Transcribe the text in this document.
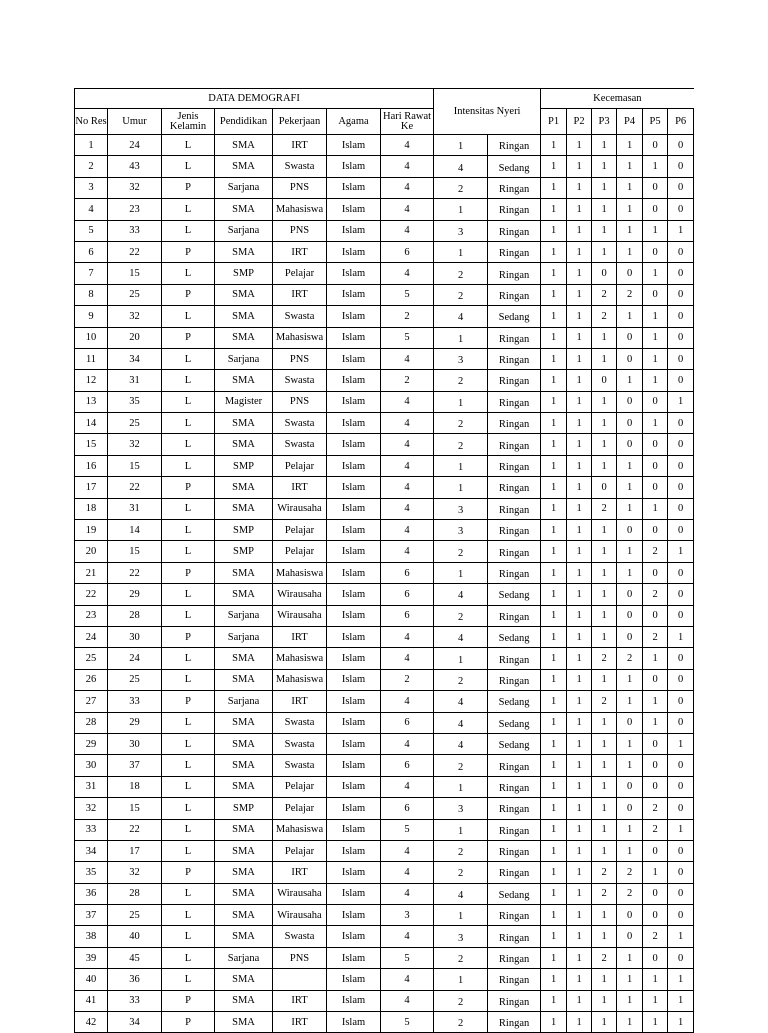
DATA DEMOGRAFI							Intensitas Nyeri		Kecemasan					
No Res	Umur	Jenis Kelamin	Pendidikan	Pekerjaan	Agama	Hari Rawat Ke			P1	P2	P3	P4	P5	P6
1	24	L	SMA	IRT	Islam	4	1	Ringan	1	1	1	1	0	0
2	43	L	SMA	Swasta	Islam	4	4	Sedang	1	1	1	1	1	0
3	32	P	Sarjana	PNS	Islam	4	2	Ringan	1	1	1	1	0	0
4	23	L	SMA	Mahasiswa	Islam	4	1	Ringan	1	1	1	1	0	0
5	33	L	Sarjana	PNS	Islam	4	3	Ringan	1	1	1	1	1	1
6	22	P	SMA	IRT	Islam	6	1	Ringan	1	1	1	1	0	0
7	15	L	SMP	Pelajar	Islam	4	2	Ringan	1	1	0	0	1	0
8	25	P	SMA	IRT	Islam	5	2	Ringan	1	1	2	2	0	0
9	32	L	SMA	Swasta	Islam	2	4	Sedang	1	1	2	1	1	0
10	20	P	SMA	Mahasiswa	Islam	5	1	Ringan	1	1	1	0	1	0
11	34	L	Sarjana	PNS	Islam	4	3	Ringan	1	1	1	0	1	0
12	31	L	SMA	Swasta	Islam	2	2	Ringan	1	1	0	1	1	0
13	35	L	Magister	PNS	Islam	4	1	Ringan	1	1	1	0	0	1
14	25	L	SMA	Swasta	Islam	4	2	Ringan	1	1	1	0	1	0
15	32	L	SMA	Swasta	Islam	4	2	Ringan	1	1	1	0	0	0
16	15	L	SMP	Pelajar	Islam	4	1	Ringan	1	1	1	1	0	0
17	22	P	SMA	IRT	Islam	4	1	Ringan	1	1	0	1	0	0
18	31	L	SMA	Wirausaha	Islam	4	3	Ringan	1	1	2	1	1	0
19	14	L	SMP	Pelajar	Islam	4	3	Ringan	1	1	1	0	0	0
20	15	L	SMP	Pelajar	Islam	4	2	Ringan	1	1	1	1	2	1
21	22	P	SMA	Mahasiswa	Islam	6	1	Ringan	1	1	1	1	0	0
22	29	L	SMA	Wirausaha	Islam	6	4	Sedang	1	1	1	0	2	0
23	28	L	Sarjana	Wirausaha	Islam	6	2	Ringan	1	1	1	0	0	0
24	30	P	Sarjana	IRT	Islam	4	4	Sedang	1	1	1	0	2	1
25	24	L	SMA	Mahasiswa	Islam	4	1	Ringan	1	1	2	2	1	0
26	25	L	SMA	Mahasiswa	Islam	2	2	Ringan	1	1	1	1	0	0
27	33	P	Sarjana	IRT	Islam	4	4	Sedang	1	1	2	1	1	0
28	29	L	SMA	Swasta	Islam	6	4	Sedang	1	1	1	0	1	0
29	30	L	SMA	Swasta	Islam	4	4	Sedang	1	1	1	1	0	1
30	37	L	SMA	Swasta	Islam	6	2	Ringan	1	1	1	1	0	0
31	18	L	SMA	Pelajar	Islam	4	1	Ringan	1	1	1	0	0	0
32	15	L	SMP	Pelajar	Islam	6	3	Ringan	1	1	1	0	2	0
33	22	L	SMA	Mahasiswa	Islam	5	1	Ringan	1	1	1	1	2	1
34	17	L	SMA	Pelajar	Islam	4	2	Ringan	1	1	1	1	0	0
35	32	P	SMA	IRT	Islam	4	2	Ringan	1	1	2	2	1	0
36	28	L	SMA	Wirausaha	Islam	4	4	Sedang	1	1	2	2	0	0
37	25	L	SMA	Wirausaha	Islam	3	1	Ringan	1	1	1	0	0	0
38	40	L	SMA	Swasta	Islam	4	3	Ringan	1	1	1	0	2	1
39	45	L	Sarjana	PNS	Islam	5	2	Ringan	1	1	2	1	0	0
40	36	L	SMA		Islam	4	1	Ringan	1	1	1	1	1	1
41	33	P	SMA	IRT	Islam	4	2	Ringan	1	1	1	1	1	1
42	34	P	SMA	IRT	Islam	5	2	Ringan	1	1	1	1	1	1
